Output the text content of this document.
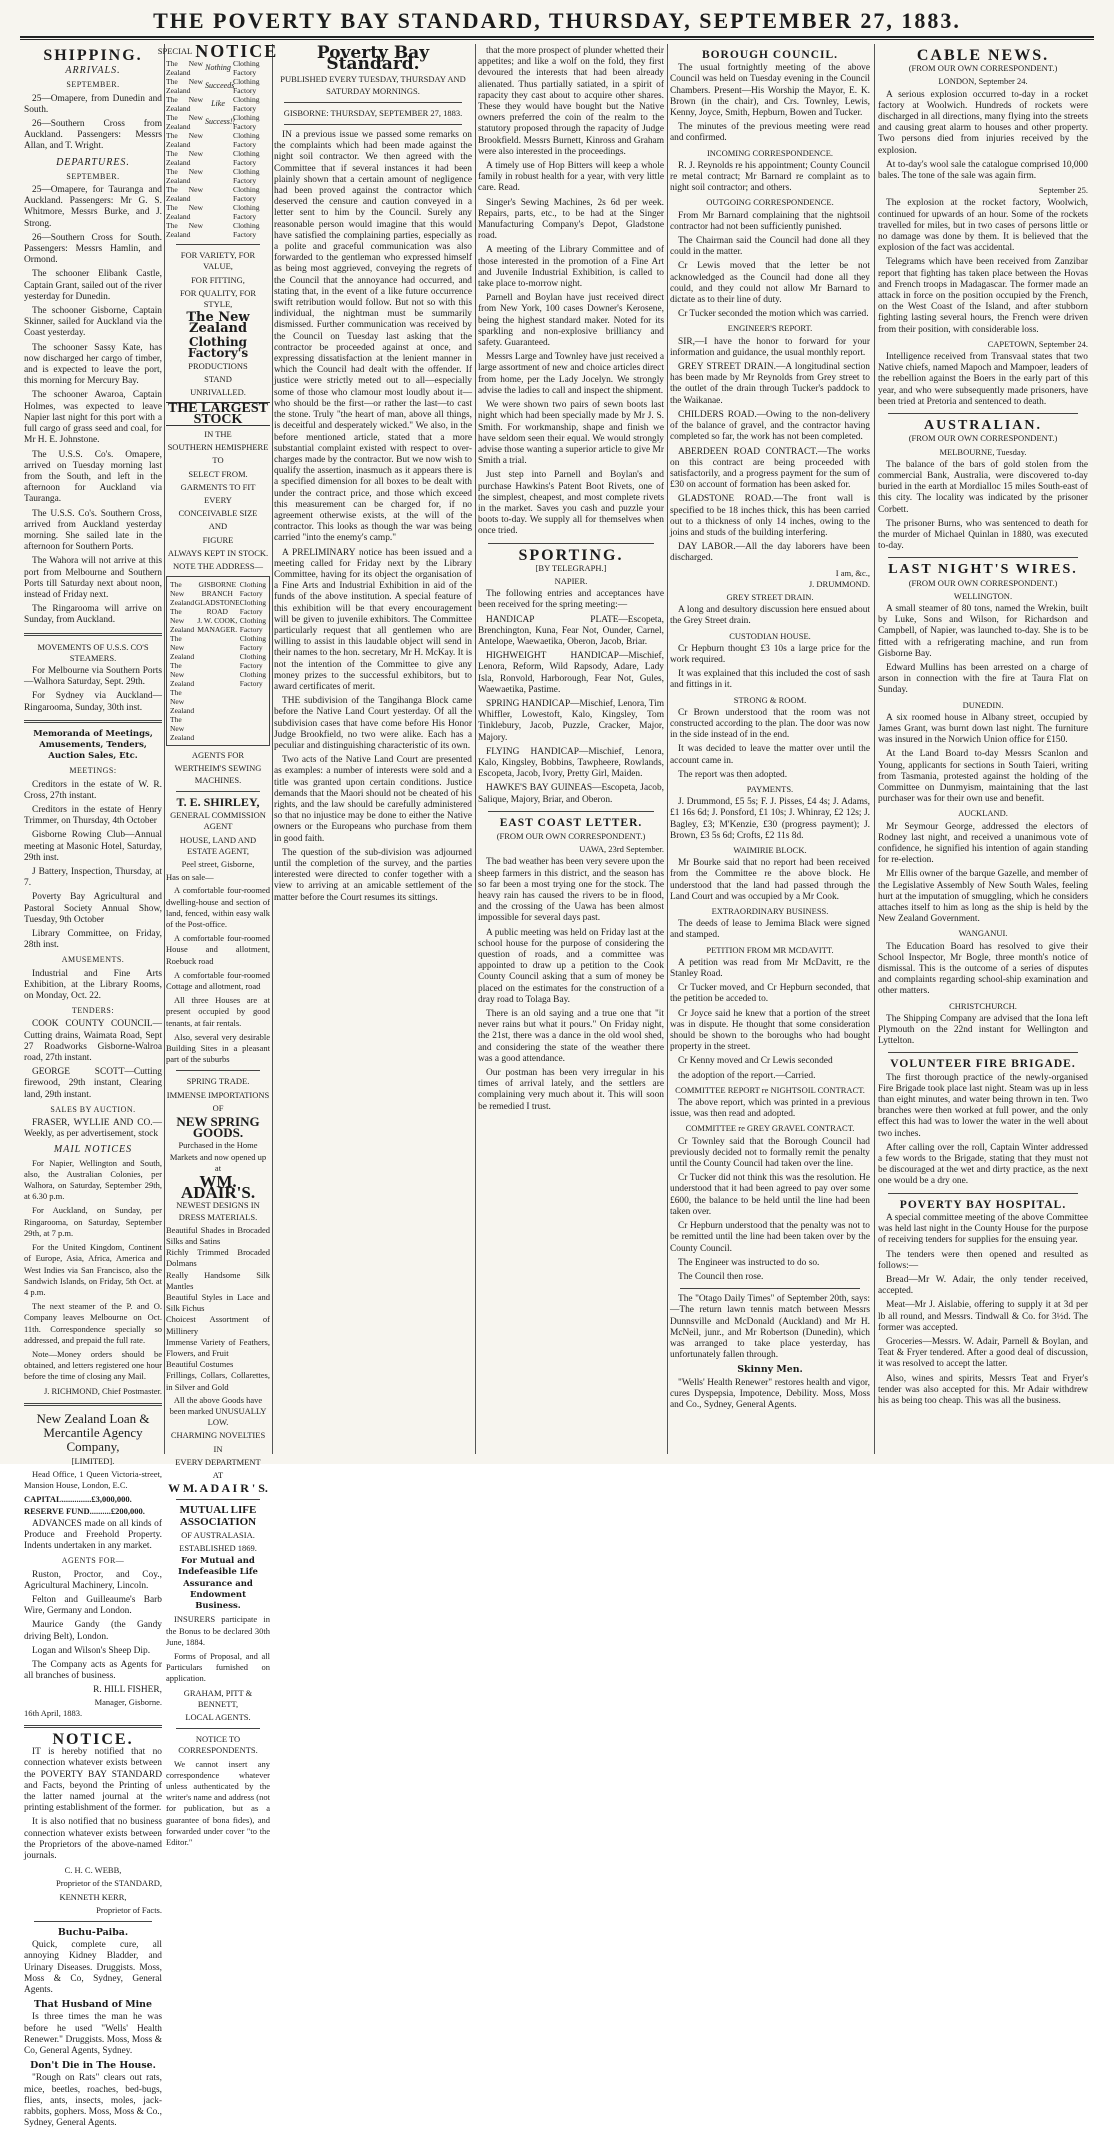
THE POVERTY BAY STANDARD, THURSDAY, SEPTEMBER 27, 1883.
SHIPPING.
ARRIVALS.
SEPTEMBER.
25—Omapere, from Dunedin and South.
26—Southern Cross from Auckland. Passengers: Messrs Allan, and T. Wright.
DEPARTURES.
SEPTEMBER.
25—Omapere, for Tauranga and Auckland. Passengers: Mr G. S. Whitmore, Messrs Burke, and J. Strong.
26—Southern Cross for South. Passengers: Messrs Hamlin, and Ormond.
The schooner Elibank Castle, Captain Grant, sailed out of the river yesterday for Dunedin.
The schooner Gisborne, Captain Skinner, sailed for Auckland via the Coast yesterday.
The schooner Sassy Kate, has now discharged her cargo of timber, and is expected to leave the port, this morning for Mercury Bay.
The schooner Awaroa, Captain Holmes, was expected to leave Napier last night for this port with a full cargo of grass seed and coal, for Mr H. E. Johnstone.
The U.S.S. Co's. Omapere, arrived on Tuesday morning last from the South, and left in the afternoon for Auckland via Tauranga.
The U.S.S. Co's. Southern Cross, arrived from Auckland yesterday morning. She sailed late in the afternoon for Southern Ports.
The Wahora will not arrive at this port from Melbourne and Southern Ports till Saturday next about noon, instead of Friday next.
The Ringarooma will arrive on Sunday, from Auckland.
MOVEMENTS OF U.S.S. CO'S STEAMERS.
For Melbourne via Southern Ports—Walhora Saturday, Sept. 29th.
For Sydney via Auckland—Ringarooma, Sunday, 30th inst.
Memoranda of Meetings, Amusements, Tenders, Auction Sales, Etc.
MEETINGS:
Creditors in the estate of W. R. Cross, 27th instant.
Creditors in the estate of Henry Trimmer, on Thursday, 4th October
Gisborne Rowing Club—Annual meeting at Masonic Hotel, Saturday, 29th inst.
J Battery, Inspection, Thursday, at 7.
Poverty Bay Agricultural and Pastoral Society Annual Show, Tuesday, 9th October
Library Committee, on Friday, 28th inst.
AMUSEMENTS.
Industrial and Fine Arts Exhibition, at the Library Rooms, on Monday, Oct. 22.
TENDERS:
COOK COUNTY COUNCIL—Cutting drains, Waimata Road, Sept 27 Roadworks Gisborne-Walroa road, 27th instant.
GEORGE SCOTT—Cutting firewood, 29th instant, Clearing land, 29th instant.
SALES BY AUCTION.
FRASER, WYLLIE AND CO.—Weekly, as per advertisement, stock
MAIL NOTICES
For Napier, Wellington and South, also, the Australian Colonies, per Walhora, on Saturday, September 29th, at 6.30 p.m.
For Auckland, on Sunday, per Ringarooma, on Saturday, September 29th, at 7 p.m.
For the United Kingdom, Continent of Europe, Asia, Africa, America and West Indies via San Francisco, also the Sandwich Islands, on Friday, 5th Oct. at 4 p.m.
The next steamer of the P. and O. Company leaves Melbourne on Oct. 11th. Correspondence specially so addressed, and prepaid the full rate.
Note—Money orders should be obtained, and letters registered one hour before the time of closing any Mail.
J. RICHMOND, Chief Postmaster.
New Zealand Loan & Mercantile Agency Company,
[LIMITED].
Head Office, 1 Queen Victoria-street, Mansion House, London, E.C.
CAPITAL..............£3,000,000.
RESERVE FUND..........£200,000.
ADVANCES made on all kinds of Produce and Freehold Property. Indents undertaken in any market.
AGENTS FOR—
Ruston, Proctor, and Coy., Agricultural Machinery, Lincoln.
Felton and Guilleaume's Barb Wire, Germany and London.
Maurice Gandy (the Gandy driving Belt), London.
Logan and Wilson's Sheep Dip.
The Company acts as Agents for all branches of business.
R. HILL FISHER,
Manager, Gisborne.
16th April, 1883.
NOTICE.
IT is hereby notified that no connection whatever exists between the POVERTY BAY STANDARD and Facts, beyond the Printing of the latter named journal at the printing establishment of the former.
It is also notified that no business connection whatever exists between the Proprietors of the above-named journals.
C. H. C. WEBB,
Proprietor of the STANDARD,
KENNETH KERR,
Proprietor of Facts.
Buchu-Paiba.
Quick, complete cure, all annoying Kidney Bladder, and Urinary Diseases. Druggists. Moss, Moss & Co, Sydney, General Agents.
That Husband of Mine
Is three times the man he was before he used "Wells' Health Renewer." Druggists. Moss, Moss & Co, General Agents, Sydney.
Don't Die in The House.
"Rough on Rats" clears out rats, mice, beetles, roaches, bed-bugs, flies, ants, insects, moles, jack-rabbits, gophers. Moss, Moss & Co., Sydney, General Agents.
SPECIAL NOTICE
The New Zealand
The New Zealand
The New Zealand
The New Zealand
The New Zealand
The New Zealand
The New Zealand
The New Zealand
The New Zealand
The New Zealand
Nothing
Succeeds
Like
Success!!
Clothing Factory
Clothing Factory
Clothing Factory
Clothing Factory
Clothing Factory
Clothing Factory
Clothing Factory
Clothing Factory
Clothing Factory
Clothing Factory
FOR VARIETY, FOR VALUE,
FOR FITTING,
FOR QUALITY, FOR STYLE,
The New Zealand
Clothing Factory's
PRODUCTIONS
STAND
UNRIVALLED.
THE LARGEST STOCK
IN THE
SOUTHERN HEMISPHERE
TO
SELECT FROM.
GARMENTS TO FIT
EVERY
CONCEIVABLE SIZE
AND
FIGURE
ALWAYS KEPT IN STOCK.
NOTE THE ADDRESS—
The New Zealand
The New Zealand
The New Zealand
The New Zealand
The New Zealand
The New Zealand
GISBORNE
BRANCH
GLADSTONE
ROAD
J. W. COOK,
MANAGER.
Clothing Factory
Clothing Factory
Clothing Factory
Clothing Factory
Clothing Factory
Clothing Factory
AGENTS FOR
WERTHEIM'S SEWING MACHINES.
T. E. SHIRLEY,
GENERAL COMMISSION AGENT
HOUSE, LAND AND ESTATE AGENT,
Peel street, Gisborne,
Has on sale—
A comfortable four-roomed dwelling-house and section of land, fenced, within easy walk of the Post-office.
A comfortable four-roomed House and allotment, Roebuck road
A comfortable four-roomed Cottage and allotment, road
All three Houses are at present occupied by good tenants, at fair rentals.
Also, several very desirable Building Sites in a pleasant part of the suburbs
SPRING TRADE.
IMMENSE IMPORTATIONS
OF
NEW SPRING GOODS.
Purchased in the Home Markets and now opened up at
WM. ADAIR'S.
NEWEST DESIGNS IN DRESS MATERIALS.
Beautiful Shades in Brocaded Silks and Satins
Richly Trimmed Brocaded Dolmans
Really Handsome Silk Mantles
Beautiful Styles in Lace and Silk Fichus
Choicest Assortment of Millinery
Immense Variety of Feathers, Flowers, and Fruit
Beautiful Costumes
Frillings, Collars, Collarettes, in Silver and Gold
All the above Goods have been marked UNUSUALLY LOW.
CHARMING NOVELTIES
IN
EVERY DEPARTMENT
AT
W M. A D A I R ' S.
MUTUAL LIFE ASSOCIATION
OF AUSTRALASIA.
ESTABLISHED 1869.
For Mutual and Indefeasible Life Assurance and Endowment Business.
INSURERS participate in the Bonus to be declared 30th June, 1884.
Forms of Proposal, and all Particulars furnished on application.
GRAHAM, PITT & BENNETT,
LOCAL AGENTS.
NOTICE TO CORRESPONDENTS.
We cannot insert any correspondence whatever unless authenticated by the writer's name and address (not for publication, but as a guarantee of bona fides), and forwarded under cover "to the Editor."
Poverty Bay Standard.
PUBLISHED EVERY TUESDAY, THURSDAY AND SATURDAY MORNINGS.
GISBORNE: THURSDAY, SEPTEMBER 27, 1883.
IN a previous issue we passed some remarks on the complaints which had been made against the night soil contractor. We then agreed with the Committee that if several instances it had been plainly shown that a certain amount of negligence had been proved against the contractor which deserved the censure and caution conveyed in a letter sent to him by the Council. Surely any reasonable person would imagine that this would have satisfied the complaining parties, especially as a polite and graceful communication was also forwarded to the gentleman who expressed himself as being most aggrieved, conveying the regrets of the Council that the annoyance had occurred, and stating that, in the event of a like future occurrence swift retribution would follow. But not so with this individual, the nightman must be summarily dismissed. Further communication was received by the Council on Tuesday last asking that the contractor be proceeded against at once, and expressing dissatisfaction at the lenient manner in which the Council had dealt with the offender. If justice were strictly meted out to all—especially some of those who clamour most loudly about it—who should be the first—or rather the last—to cast the stone. Truly "the heart of man, above all things, is deceitful and desperately wicked." We also, in the before mentioned article, stated that a more substantial complaint existed with respect to over-charges made by the contractor. But we now wish to qualify the assertion, inasmuch as it appears there is a specified dimension for all boxes to be dealt with under the contract price, and those which exceed this measurement can be charged for, if no agreement otherwise exists, at the will of the contractor. This looks as though the war was being carried "into the enemy's camp."
A PRELIMINARY notice has been issued and a meeting called for Friday next by the Library Committee, having for its object the organisation of a Fine Arts and Industrial Exhibition in aid of the funds of the above institution. A special feature of this exhibition will be that every encouragement will be given to juvenile exhibitors. The Committee particularly request that all gentlemen who are willing to assist in this laudable object will send in their names to the hon. secretary, Mr H. McKay. It is not the intention of the Committee to give any money prizes to the successful exhibitors, but to award certificates of merit.
THE subdivision of the Tangihanga Block came before the Native Land Court yesterday. Of all the subdivision cases that have come before His Honor Judge Brookfield, no two were alike. Each has a peculiar and distinguishing characteristic of its own.
Two acts of the Native Land Court are presented as examples: a number of interests were sold and a title was granted upon certain conditions. Justice demands that the Maori should not be cheated of his rights, and the law should be carefully administered so that no injustice may be done to either the Native owners or the Europeans who purchase from them in good faith.
The question of the sub-division was adjourned until the completion of the survey, and the parties interested were directed to confer together with a view to arriving at an amicable settlement of the matter before the Court resumes its sittings.
that the more prospect of plunder whetted their appetites; and like a wolf on the fold, they first devoured the interests that had been already alienated. Thus partially satiated, in a spirit of rapacity they cast about to acquire other shares. These they would have bought but the Native owners preferred the coin of the realm to the statutory proposed through the rapacity of Judge Brookfield. Messrs Burnett, Kinross and Graham were also interested in the proceedings.
A timely use of Hop Bitters will keep a whole family in robust health for a year, with very little care. Read.
Singer's Sewing Machines, 2s 6d per week. Repairs, parts, etc., to be had at the Singer Manufacturing Company's Depot, Gladstone road.
A meeting of the Library Committee and of those interested in the promotion of a Fine Art and Juvenile Industrial Exhibition, is called to take place to-morrow night.
Parnell and Boylan have just received direct from New York, 100 cases Downer's Kerosene, being the highest standard maker. Noted for its sparkling and non-explosive brilliancy and safety. Guaranteed.
Messrs Large and Townley have just received a large assortment of new and choice articles direct from home, per the Lady Jocelyn. We strongly advise the ladies to call and inspect the shipment.
We were shown two pairs of sewn boots last night which had been specially made by Mr J. S. Smith. For workmanship, shape and finish we have seldom seen their equal. We would strongly advise those wanting a superior article to give Mr Smith a trial.
Just step into Parnell and Boylan's and purchase Hawkins's Patent Boot Rivets, one of the simplest, cheapest, and most complete rivets in the market. Saves you cash and puzzle your boots to-day. We supply all for themselves when once tried.
SPORTING.
[BY TELEGRAPH.]
NAPIER.
The following entries and acceptances have been received for the spring meeting:—
HANDICAP PLATE—Escopeta, Brenchington, Kuna, Fear Not, Ounder, Carnel, Antelope, Waewaetika, Oberon, Jacob, Briar.
HIGHWEIGHT HANDICAP—Mischief, Lenora, Reform, Wild Rapsody, Adare, Lady Isla, Ronvold, Harborough, Fear Not, Gules, Waewaetika, Pastime.
SPRING HANDICAP—Mischief, Lenora, Tim Whiffler, Lowestoft, Kalo, Kingsley, Tom Tinklebury, Jacob, Puzzle, Cracker, Major, Majory.
FLYING HANDICAP—Mischief, Lenora, Kalo, Kingsley, Bobbins, Tawpheere, Rowlands, Escopeta, Jacob, Ivory, Pretty Girl, Maiden.
HAWKE'S BAY GUINEAS—Escopeta, Jacob, Salique, Majory, Briar, and Oberon.
EAST COAST LETTER.
(FROM OUR OWN CORRESPONDENT.)
UAWA, 23rd September.
The bad weather has been very severe upon the sheep farmers in this district, and the season has so far been a most trying one for the stock. The heavy rain has caused the rivers to be in flood, and the crossing of the Uawa has been almost impossible for several days past.
A public meeting was held on Friday last at the school house for the purpose of considering the question of roads, and a committee was appointed to draw up a petition to the Cook County Council asking that a sum of money be placed on the estimates for the construction of a dray road to Tolaga Bay.
There is an old saying and a true one that "it never rains but what it pours." On Friday night, the 21st, there was a dance in the old wool shed, and considering the state of the weather there was a good attendance.
Our postman has been very irregular in his times of arrival lately, and the settlers are complaining very much about it. This will soon be remedied I trust.
BOROUGH COUNCIL.
The usual fortnightly meeting of the above Council was held on Tuesday evening in the Council Chambers. Present—His Worship the Mayor, E. K. Brown (in the chair), and Crs. Townley, Lewis, Kenny, Joyce, Smith, Hepburn, Bowen and Tucker.
The minutes of the previous meeting were read and confirmed.
INCOMING CORRESPONDENCE.
R. J. Reynolds re his appointment; County Council re metal contract; Mr Barnard re complaint as to night soil contractor; and others.
OUTGOING CORRESPONDENCE.
From Mr Barnard complaining that the nightsoil contractor had not been sufficiently punished.
The Chairman said the Council had done all they could in the matter.
Cr Lewis moved that the letter be not acknowledged as the Council had done all they could, and they could not allow Mr Barnard to dictate as to their line of duty.
Cr Tucker seconded the motion which was carried.
ENGINEER'S REPORT.
SIR,—I have the honor to forward for your information and guidance, the usual monthly report.
GREY STREET DRAIN.—A longitudinal section has been made by Mr Reynolds from Grey street to the outlet of the drain through Tucker's paddock to the Waikanae.
CHILDERS ROAD.—Owing to the non-delivery of the balance of gravel, and the contractor having completed so far, the work has not been completed.
ABERDEEN ROAD CONTRACT.—The works on this contract are being proceeded with satisfactorily, and a progress payment for the sum of £30 on account of formation has been asked for.
GLADSTONE ROAD.—The front wall is specified to be 18 inches thick, this has been carried out to a thickness of only 14 inches, owing to the joins and studs of the building interfering.
DAY LABOR.—All the day laborers have been discharged.
I am, &c.,
J. DRUMMOND.
GREY STREET DRAIN.
A long and desultory discussion here ensued about the Grey Street drain.
CUSTODIAN HOUSE.
Cr Hepburn thought £3 10s a large price for the work required.
It was explained that this included the cost of sash and fittings in it.
STRONG & ROOM.
Cr Brown understood that the room was not constructed according to the plan. The door was now in the side instead of in the end.
It was decided to leave the matter over until the account came in.
The report was then adopted.
PAYMENTS.
J. Drummond, £5 5s; F. J. Pisses, £4 4s; J. Adams, £1 16s 6d; J. Ponsford, £1 10s; J. Whinray, £2 12s; J. Bagley, £3; M'Kenzie, £30 (progress payment); J. Brown, £3 5s 6d; Crofts, £2 11s 8d.
WAIMIRIE BLOCK.
Mr Bourke said that no report had been received from the Committee re the above block. He understood that the land had passed through the Land Court and was occupied by a Mr Cook.
EXTRAORDINARY BUSINESS.
The deeds of lease to Jemima Black were signed and stamped.
PETITION FROM MR MCDAVITT.
A petition was read from Mr McDavitt, re the Stanley Road.
Cr Tucker moved, and Cr Hepburn seconded, that the petition be acceded to.
Cr Joyce said he knew that a portion of the street was in dispute. He thought that some consideration should be shown to the boroughs who had bought property in the street.
Cr Kenny moved and Cr Lewis seconded
the adoption of the report.—Carried.
COMMITTEE REPORT re NIGHTSOIL CONTRACT.
The above report, which was printed in a previous issue, was then read and adopted.
COMMITTEE re GREY GRAVEL CONTRACT.
Cr Townley said that the Borough Council had previously decided not to formally remit the penalty until the County Council had taken over the line.
Cr Tucker did not think this was the resolution. He understood that it had been agreed to pay over some £600, the balance to be held until the line had been taken over.
Cr Hepburn understood that the penalty was not to be remitted until the line had been taken over by the County Council.
The Engineer was instructed to do so.
The Council then rose.
The "Otago Daily Times" of September 20th, says:—The return lawn tennis match between Messrs Dunnsville and McDonald (Auckland) and Mr H. McNeil, junr., and Mr Robertson (Dunedin), which was arranged to take place yesterday, has unfortunately fallen through.
Skinny Men.
"Wells' Health Renewer" restores health and vigor, cures Dyspepsia, Impotence, Debility. Moss, Moss and Co., Sydney, General Agents.
CABLE NEWS.
(FROM OUR OWN CORRESPONDENT.)
LONDON, September 24.
A serious explosion occurred to-day in a rocket factory at Woolwich. Hundreds of rockets were discharged in all directions, many flying into the streets and causing great alarm to houses and other property. Two persons died from injuries received by the explosion.
At to-day's wool sale the catalogue comprised 10,000 bales. The tone of the sale was again firm.
September 25.
The explosion at the rocket factory, Woolwich, continued for upwards of an hour. Some of the rockets travelled for miles, but in two cases of persons little or no damage was done by them. It is believed that the explosion of the fact was accidental.
Telegrams which have been received from Zanzibar report that fighting has taken place between the Hovas and French troops in Madagascar. The former made an attack in force on the position occupied by the French, on the West Coast of the Island, and after stubborn fighting lasting several hours, the French were driven from their position, with considerable loss.
CAPETOWN, September 24.
Intelligence received from Transvaal states that two Native chiefs, named Mapoch and Mampoer, leaders of the rebellion against the Boers in the early part of this year, and who were subsequently made prisoners, have been tried at Pretoria and sentenced to death.
AUSTRALIAN.
(FROM OUR OWN CORRESPONDENT.)
MELBOURNE, Tuesday.
The balance of the bars of gold stolen from the commercial Bank, Australia, were discovered to-day buried in the earth at Mordialloc 15 miles South-east of this city. The locality was indicated by the prisoner Corbett.
The prisoner Burns, who was sentenced to death for the murder of Michael Quinlan in 1880, was executed to-day.
LAST NIGHT'S WIRES.
(FROM OUR OWN CORRESPONDENT.)
WELLINGTON.
A small steamer of 80 tons, named the Wrekin, built by Luke, Sons and Wilson, for Richardson and Campbell, of Napier, was launched to-day. She is to be fitted with a refrigerating machine, and run from Gisborne Bay.
Edward Mullins has been arrested on a charge of arson in connection with the fire at Taura Flat on Sunday.
DUNEDIN.
A six roomed house in Albany street, occupied by James Grant, was burnt down last night. The furniture was insured in the Norwich Union office for £150.
At the Land Board to-day Messrs Scanlon and Young, applicants for sections in South Taieri, writing from Tasmania, protested against the holding of the Committee on Dunmyism, maintaining that the last purchaser was for their own use and benefit.
AUCKLAND.
Mr Seymour George, addressed the electors of Rodney last night, and received a unanimous vote of confidence, he signified his intention of again standing for re-election.
Mr Ellis owner of the barque Gazelle, and member of the Legislative Assembly of New South Wales, feeling hurt at the imputation of smuggling, which he considers attaches itself to him as long as the ship is held by the New Zealand Government.
WANGANUI.
The Education Board has resolved to give their School Inspector, Mr Bogle, three month's notice of dismissal. This is the outcome of a series of disputes and complaints regarding school-ship examination and other matters.
CHRISTCHURCH.
The Shipping Company are advised that the Iona left Plymouth on the 22nd instant for Wellington and Lyttelton.
VOLUNTEER FIRE BRIGADE.
The first thorough practice of the newly-organised Fire Brigade took place last night. Steam was up in less than eight minutes, and water being thrown in ten. Two branches were then worked at full power, and the only effect this had was to lower the water in the well about two inches.
After calling over the roll, Captain Winter addressed a few words to the Brigade, stating that they must not be discouraged at the wet and dirty practice, as the next one would be a dry one.
POVERTY BAY HOSPITAL.
A special committee meeting of the above Committee was held last night in the County House for the purpose of receiving tenders for supplies for the ensuing year.
The tenders were then opened and resulted as follows:—
Bread—Mr W. Adair, the only tender received, accepted.
Meat—Mr J. Aislabie, offering to supply it at 3d per lb all round, and Messrs. Tindwall & Co. for 3½d. The former was accepted.
Groceries—Messrs. W. Adair, Parnell & Boylan, and Teat & Fryer tendered. After a good deal of discussion, it was resolved to accept the latter.
Also, wines and spirits, Messrs Teat and Fryer's tender was also accepted for this. Mr Adair withdrew his as being too cheap. This was all the business.
